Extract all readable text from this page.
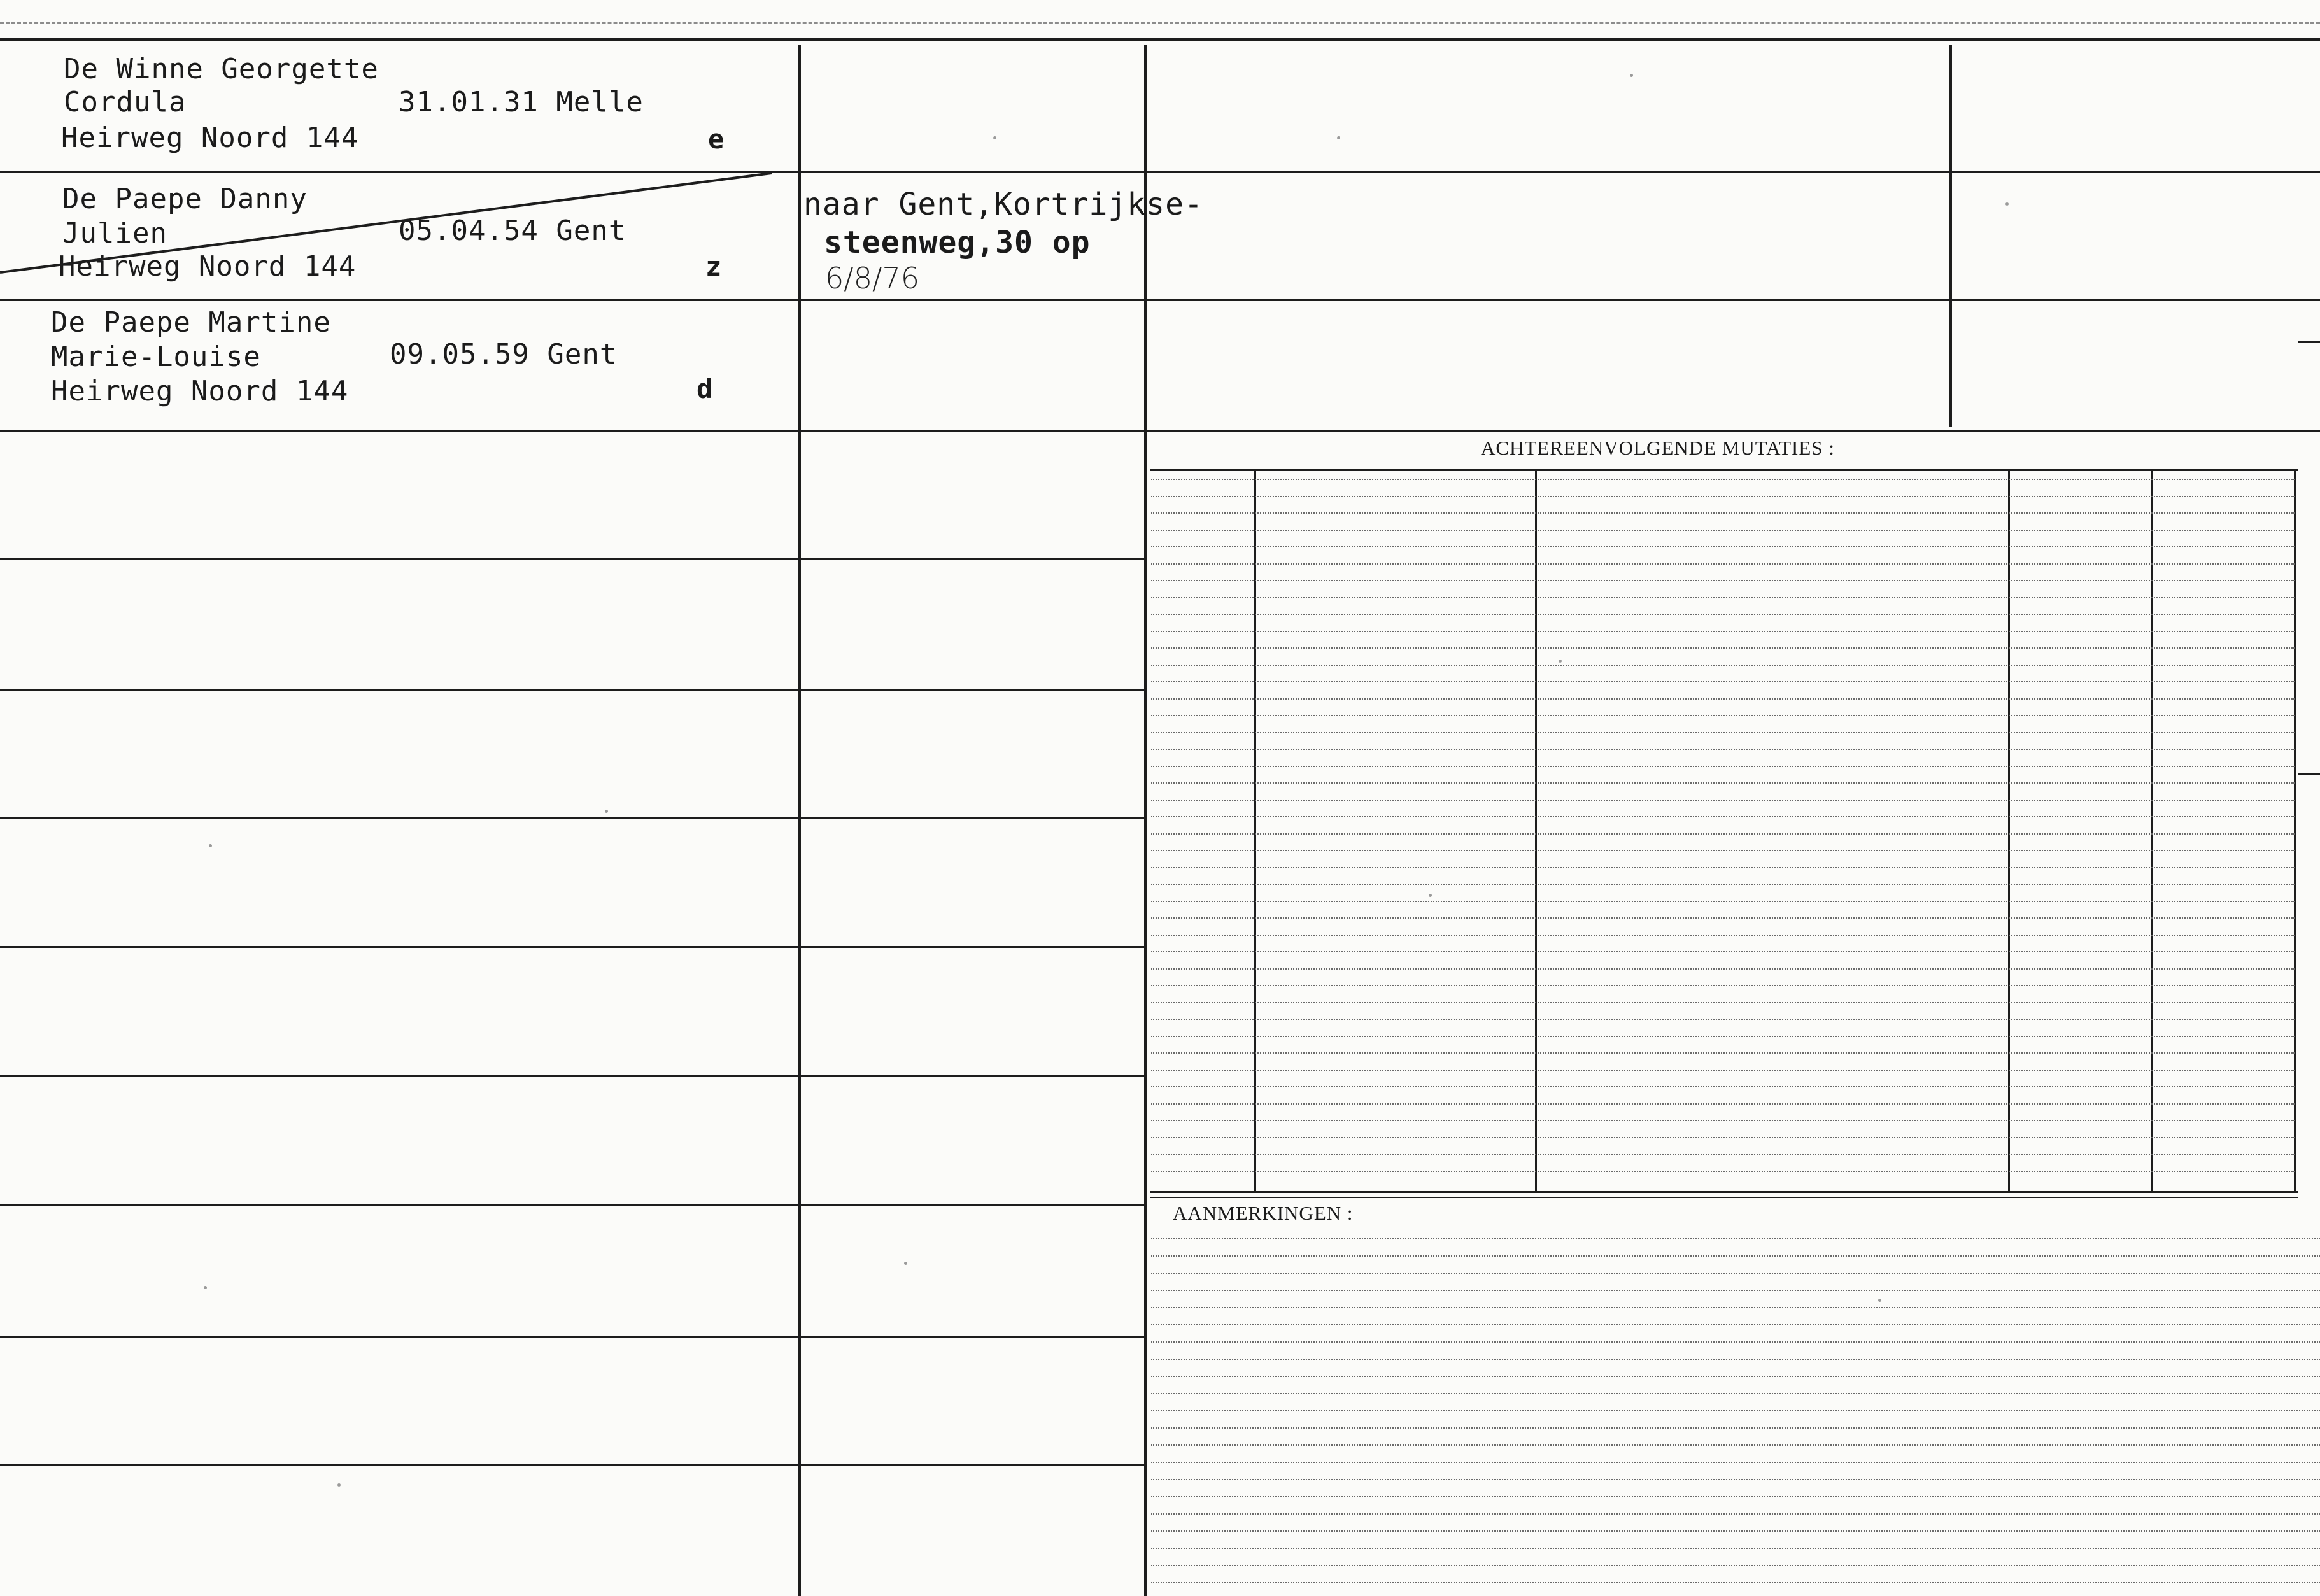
De Winne Georgette
Cordula
Heirweg Noord 144
31.01.31 Melle
e
De Paepe Danny
Julien
Heirweg Noord 144
05.04.54 Gent
z
De Paepe Martine
Marie-Louise
Heirweg Noord 144
09.05.59 Gent
d
naar Gent,Kortrijkse-
steenweg,30 op
6/8/76
ACHTEREENVOLGENDE MUTATIES :
AANMERKINGEN :
